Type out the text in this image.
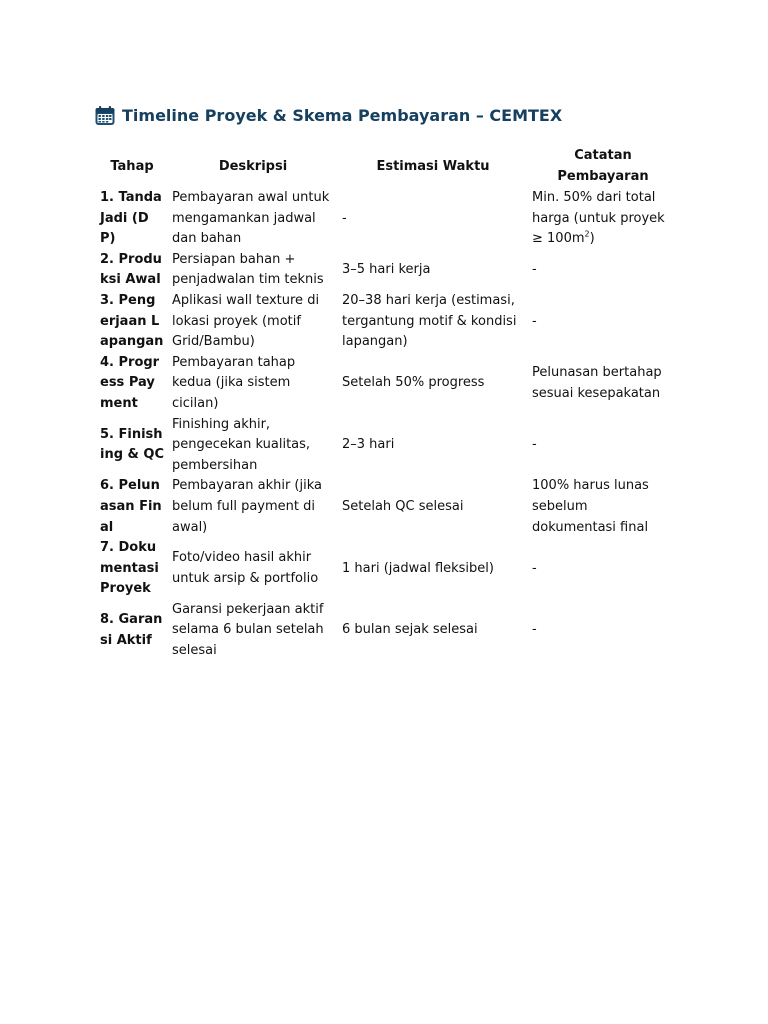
Timeline Proyek & Skema Pembayaran – CEMTEX
Tahap	Deskripsi	Estimasi Waktu	Catatan Pembayaran
1. Tanda Jadi (DP)	Pembayaran awal untuk mengamankan jadwal dan bahan	-	Min. 50% dari total harga (untuk proyek ≥ $100m^2$)
2. Produksi Awal	Persiapan bahan + penjadwalan tim teknis	3–5 hari kerja	-
3. Pengerjaan Lapangan	Aplikasi wall texture di lokasi proyek (motif Grid/Bambu)	20–38 hari kerja (estimasi, tergantung motif & kondisi lapangan)	-
4. Progress Payment	Pembayaran tahap kedua (jika sistem cicilan)	Setelah 50% progress	Pelunasan bertahap sesuai kesepakatan
5. Finishing & QC	Finishing akhir, pengecekan kualitas, pembersihan	2–3 hari	-
6. Pelunasan Final	Pembayaran akhir (jika belum full payment di awal)	Setelah QC selesai	100% harus lunas sebelum dokumentasi final
7. Dokumentasi Proyek	Foto/video hasil akhir untuk arsip & portfolio	1 hari (jadwal fleksibel)	-
8. Garansi Aktif	Garansi pekerjaan aktif selama 6 bulan setelah selesai	6 bulan sejak selesai	-
